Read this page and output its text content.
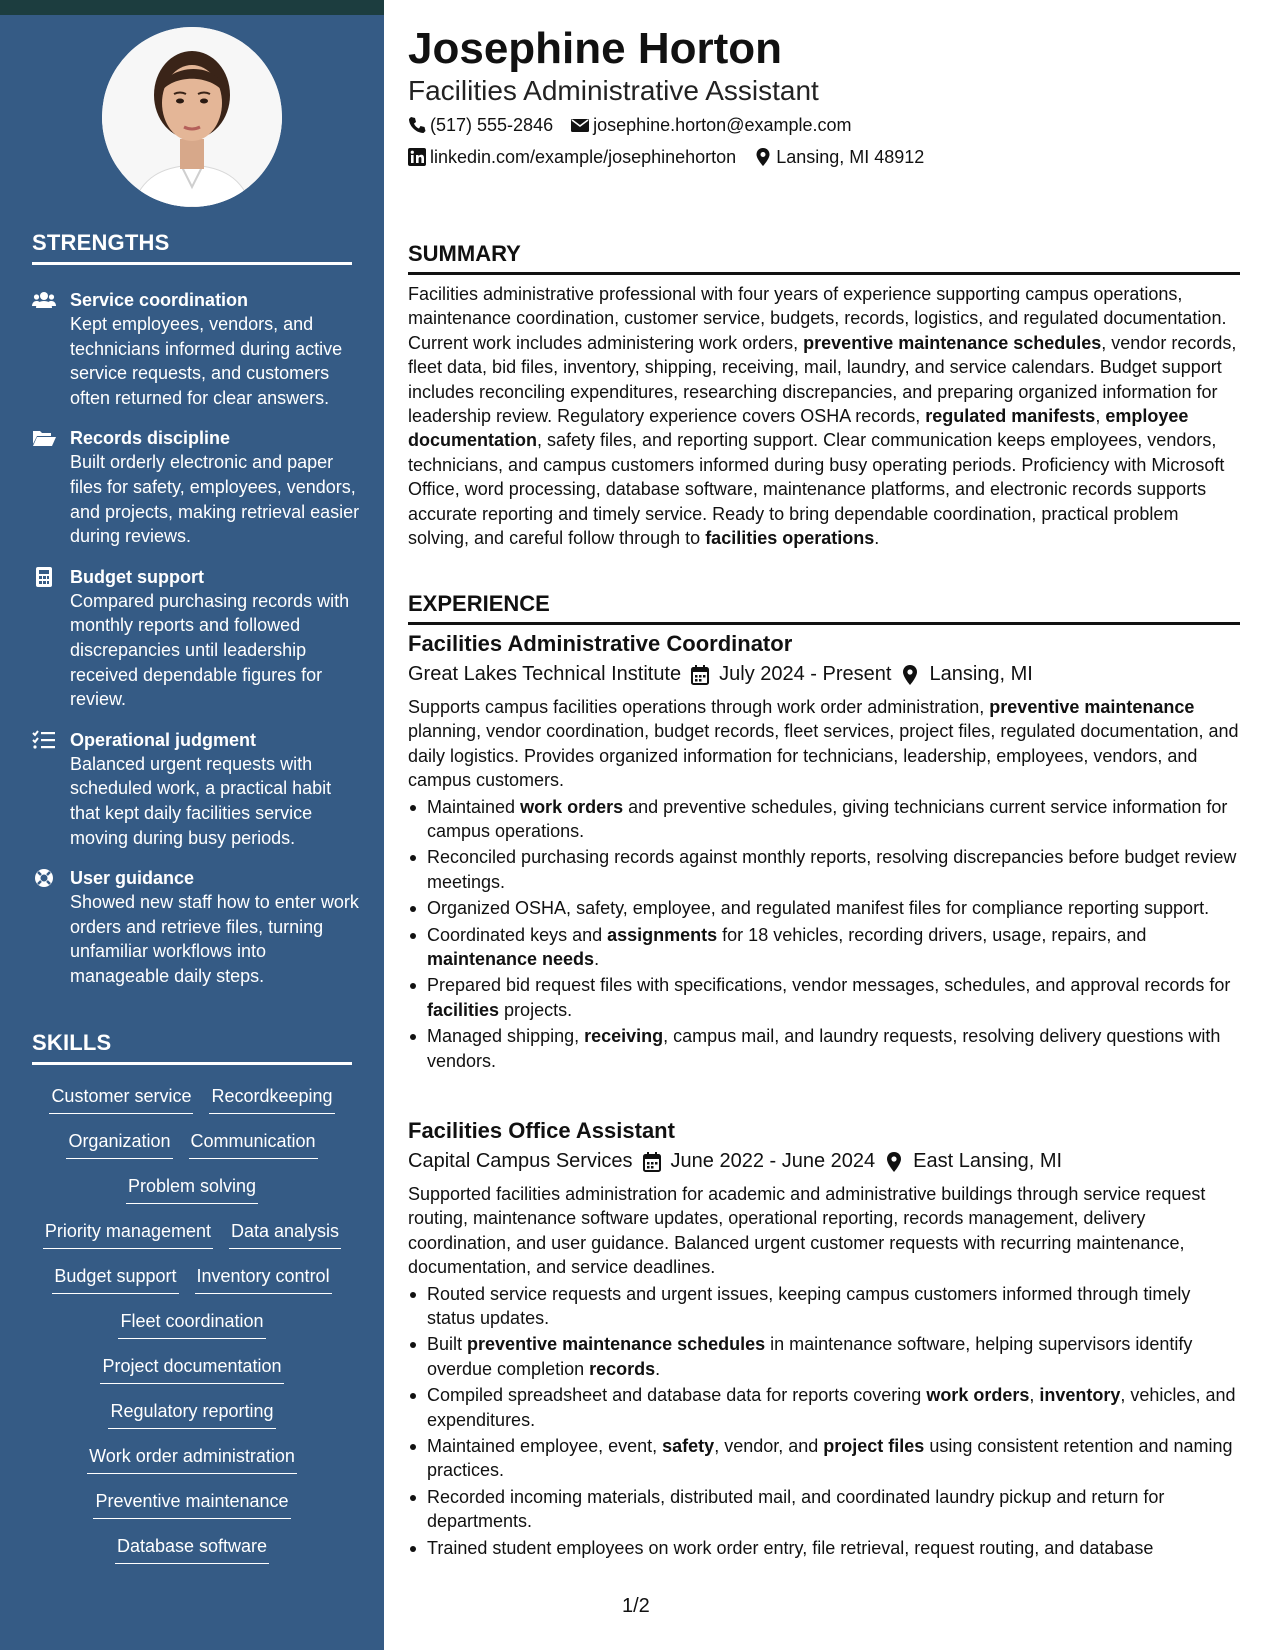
STRENGTHS
Service coordination
Kept employees, vendors, and technicians informed during active service requests, and customers often returned for clear answers.
Records discipline
Built orderly electronic and paper files for safety, employees, vendors, and projects, making retrieval easier during reviews.
Budget support
Compared purchasing records with monthly reports and followed discrepancies until leadership received dependable figures for review.
Operational judgment
Balanced urgent requests with scheduled work, a practical habit that kept daily facilities service moving during busy periods.
User guidance
Showed new staff how to enter work orders and retrieve files, turning unfamiliar workflows into manageable daily steps.
SKILLS
Customer service Recordkeeping
Organization Communication
Problem solving
Priority management Data analysis
Budget support Inventory control
Fleet coordination
Project documentation
Regulatory reporting
Work order administration
Preventive maintenance
Database software
Josephine Horton
Facilities Administrative Assistant
(517) 555-2846 josephine.horton@example.com
linkedin.com/example/josephinehorton Lansing, MI 48912
SUMMARY
Facilities administrative professional with four years of experience supporting campus operations, maintenance coordination, customer service, budgets, records, logistics, and regulated documentation. Current work includes administering work orders, preventive maintenance schedules, vendor records, fleet data, bid files, inventory, shipping, receiving, mail, laundry, and service calendars. Budget support includes reconciling expenditures, researching discrepancies, and preparing organized information for leadership review. Regulatory experience covers OSHA records, regulated manifests, employee documentation, safety files, and reporting support. Clear communication keeps employees, vendors, technicians, and campus customers informed during busy operating periods. Proficiency with Microsoft Office, word processing, database software, maintenance platforms, and electronic records supports accurate reporting and timely service. Ready to bring dependable coordination, practical problem solving, and careful follow through to facilities operations.
EXPERIENCE
Facilities Administrative Coordinator
Great Lakes Technical Institute July 2024 - Present Lansing, MI
Supports campus facilities operations through work order administration, preventive maintenance planning, vendor coordination, budget records, fleet services, project files, regulated documentation, and daily logistics. Provides organized information for technicians, leadership, employees, vendors, and campus customers.
Maintained work orders and preventive schedules, giving technicians current service information for campus operations.
Reconciled purchasing records against monthly reports, resolving discrepancies before budget review meetings.
Organized OSHA, safety, employee, and regulated manifest files for compliance reporting support.
Coordinated keys and assignments for 18 vehicles, recording drivers, usage, repairs, and maintenance needs.
Prepared bid request files with specifications, vendor messages, schedules, and approval records for facilities projects.
Managed shipping, receiving, campus mail, and laundry requests, resolving delivery questions with vendors.
Facilities Office Assistant
Capital Campus Services June 2022 - June 2024 East Lansing, MI
Supported facilities administration for academic and administrative buildings through service request routing, maintenance software updates, operational reporting, records management, delivery coordination, and user guidance. Balanced urgent customer requests with recurring maintenance, documentation, and service deadlines.
Routed service requests and urgent issues, keeping campus customers informed through timely status updates.
Built preventive maintenance schedules in maintenance software, helping supervisors identify overdue completion records.
Compiled spreadsheet and database data for reports covering work orders, inventory, vehicles, and expenditures.
Maintained employee, event, safety, vendor, and project files using consistent retention and naming practices.
Recorded incoming materials, distributed mail, and coordinated laundry pickup and return for departments.
Trained student employees on work order entry, file retrieval, request routing, and database
1/2
